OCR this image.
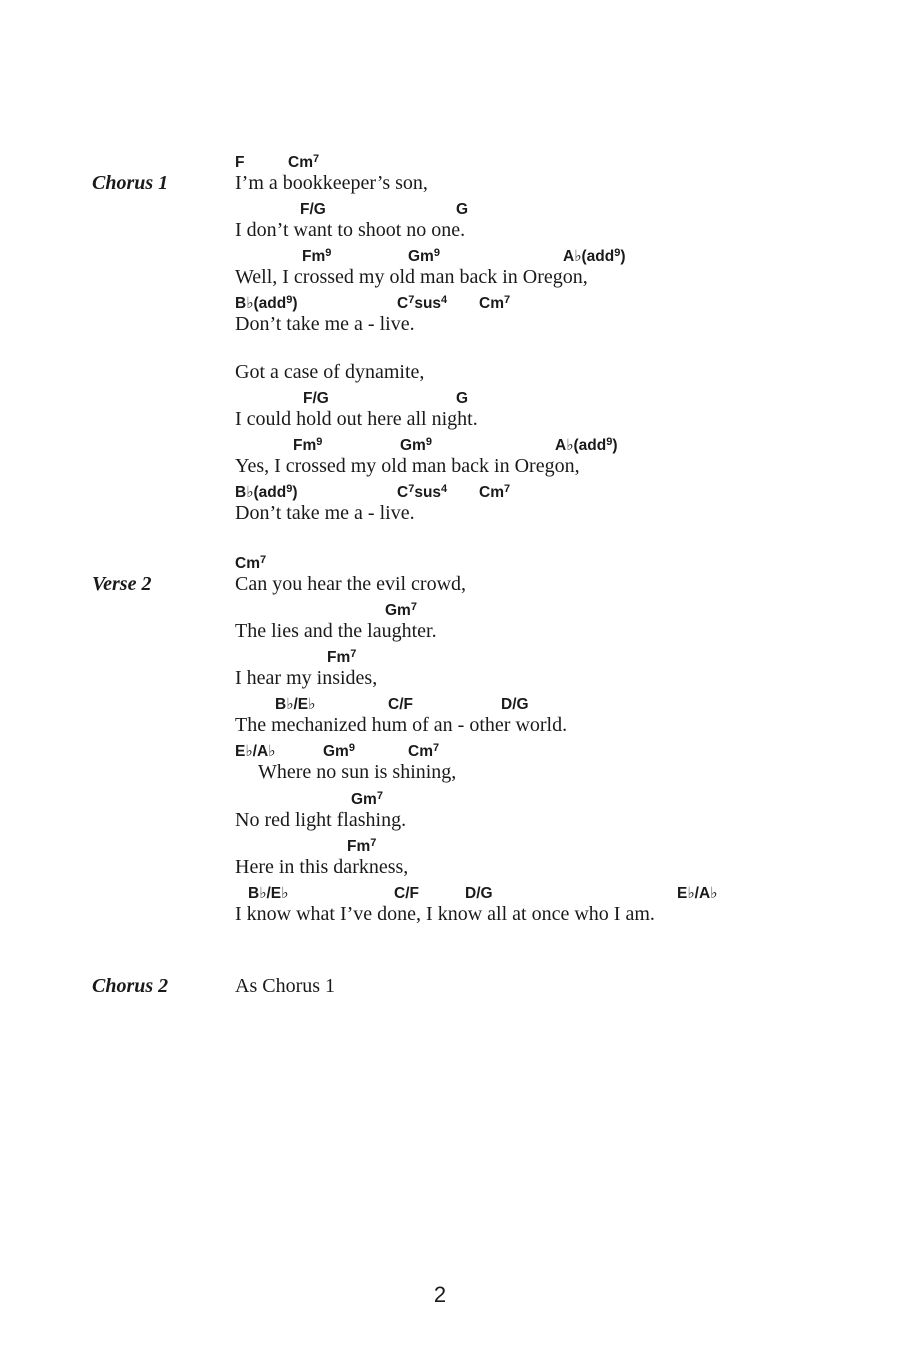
Chorus 1
Verse 2
Chorus 2
I’m a bookkeeper’s son,
F	Cm$^7$
I don’t want to shoot no one.
F/G	G
Well, I crossed my old man back in Oregon,
Fm$^9$	Gm$^9$	A♭(add$^9$)
Don’t take me a - live.
B♭(add$^9$)	$C^7sus^4$ Cm$^7$
Got a case of dynamite,
I could hold out here all night.
F/G	G
Yes, I crossed my old man back in Oregon,
Fm$^9$	Gm$^9$	A♭(add$^9$)
Don’t take me a - live.
B♭(add$^9$)	$C^7sus^4$ Cm$^7$
Can you hear the evil crowd,
Cm$^7$
The lies and the laughter.
Gm$^7$
I hear my insides,
Fm$^7$
The mechanized hum of an - other world.
B♭/E♭	C/F	D/G
Where no sun is shining,
E♭/A♭	Gm$^9$	Cm$^7$
No red light flashing.
Gm$^7$
Here in this darkness,
Fm$^7$
I know what I’ve done, I know all at once who I am.
B♭/E♭	C/F	D/G	E♭/A♭
As Chorus 1
2
